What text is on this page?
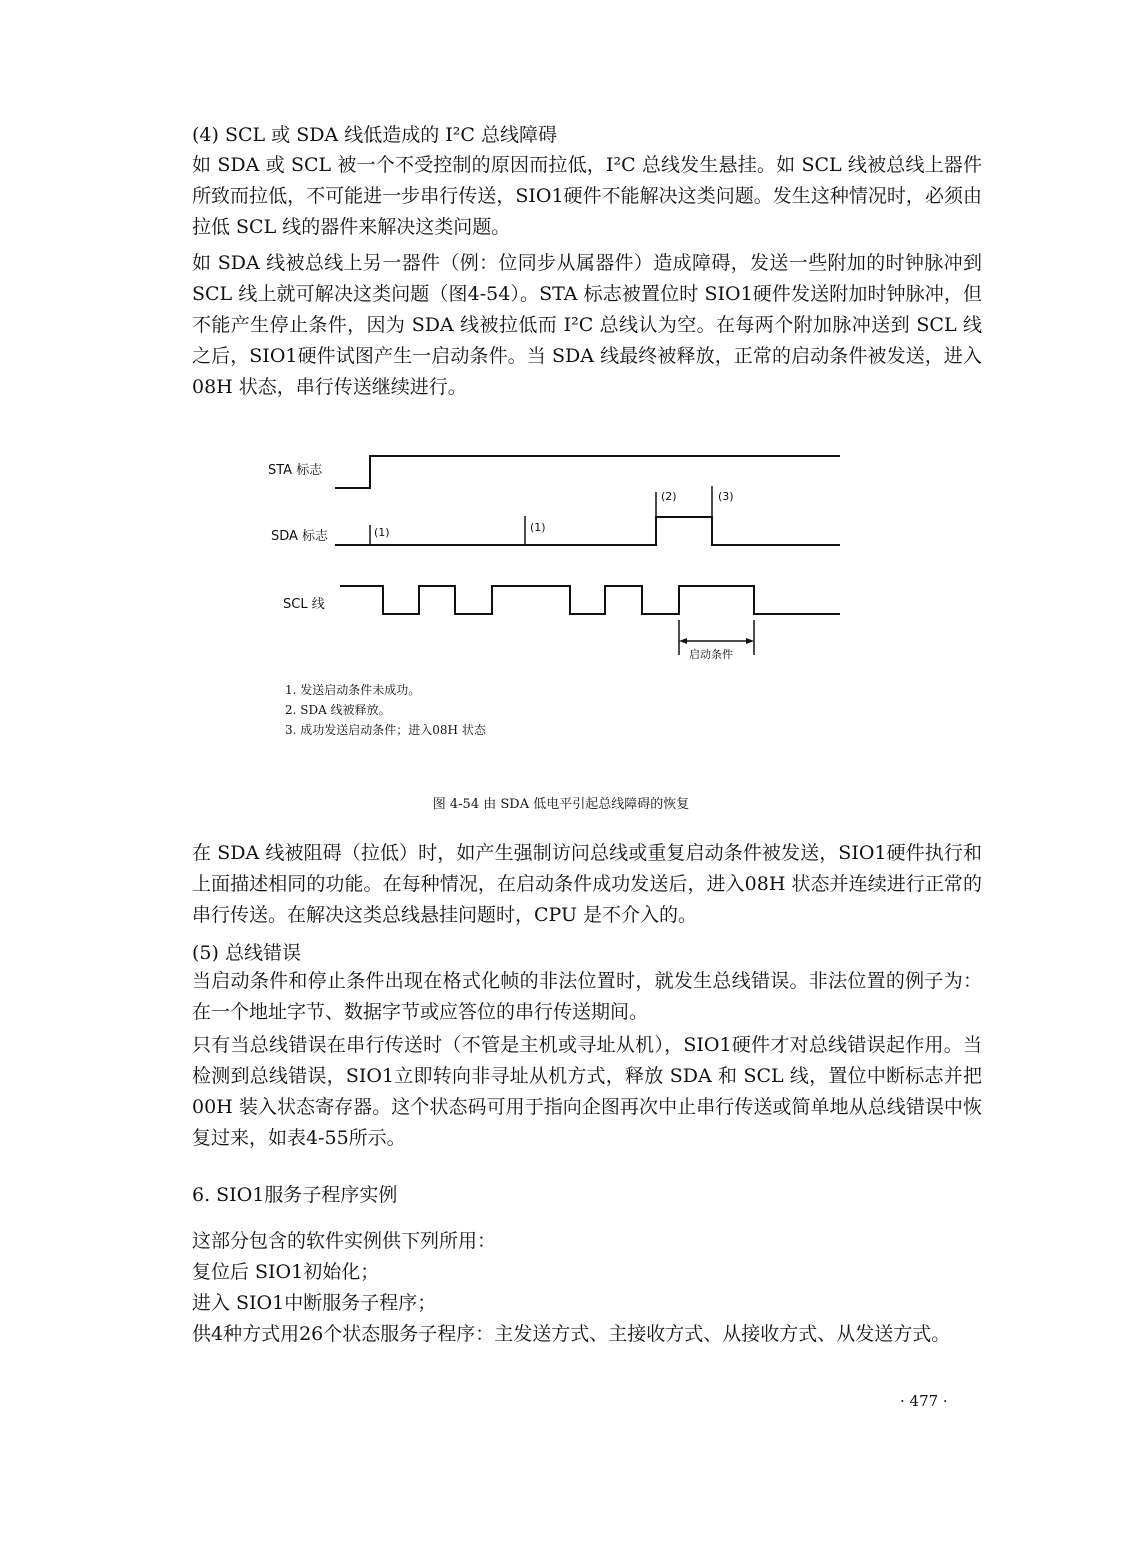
(4) SCL 或 SDA 线低造成的 I²C 总线障碍

如 SDA 或 SCL 被一个不受控制的原因而拉低，I²C 总线发生悬挂。如 SCL 线被总线上器件所致而拉低，不可能进一步串行传送，SIO1硬件不能解决这类问题。发生这种情况时，必须由拉低 SCL 线的器件来解决这类问题。

如 SDA 线被总线上另一器件（例：位同步从属器件）造成障碍，发送一些附加的时钟脉冲到 SCL 线上就可解决这类问题（图4-54）。STA 标志被置位时 SIO1硬件发送附加时钟脉冲，但不能产生停止条件，因为 SDA 线被拉低而 I²C 总线认为空。在每两个附加脉冲送到 SCL 线之后，SIO1硬件试图产生一启动条件。当 SDA 线最终被释放，正常的启动条件被发送，进入08H 状态，串行传送继续进行。

STA 标志
SDA 标志
SCL 线
(1)	(1)
(2)	(3)
启动条件
1. 发送启动条件未成功。
2. SDA 线被释放。
3. 成功发送启动条件；进入08H 状态
图 4-54 由 SDA 低电平引起总线障碍的恢复

在 SDA 线被阻碍（拉低）时，如产生强制访问总线或重复启动条件被发送，SIO1硬件执行和上面描述相同的功能。在每种情况，在启动条件成功发送后，进入08H 状态并连续进行正常的串行传送。在解决这类总线悬挂问题时，CPU 是不介入的。

(5) 总线错误

当启动条件和停止条件出现在格式化帧的非法位置时，就发生总线错误。非法位置的例子为：在一个地址字节、数据字节或应答位的串行传送期间。

只有当总线错误在串行传送时（不管是主机或寻址从机），SIO1硬件才对总线错误起作用。当检测到总线错误，SIO1立即转向非寻址从机方式，释放 SDA 和 SCL 线，置位中断标志并把00H 装入状态寄存器。这个状态码可用于指向企图再次中止串行传送或简单地从总线错误中恢复过来，如表4-55所示。

6. SIO1服务子程序实例

这部分包含的软件实例供下列所用：

复位后 SIO1初始化；

进入 SIO1中断服务子程序；

供4种方式用26个状态服务子程序：主发送方式、主接收方式、从接收方式、从发送方式。

· 477 ·
